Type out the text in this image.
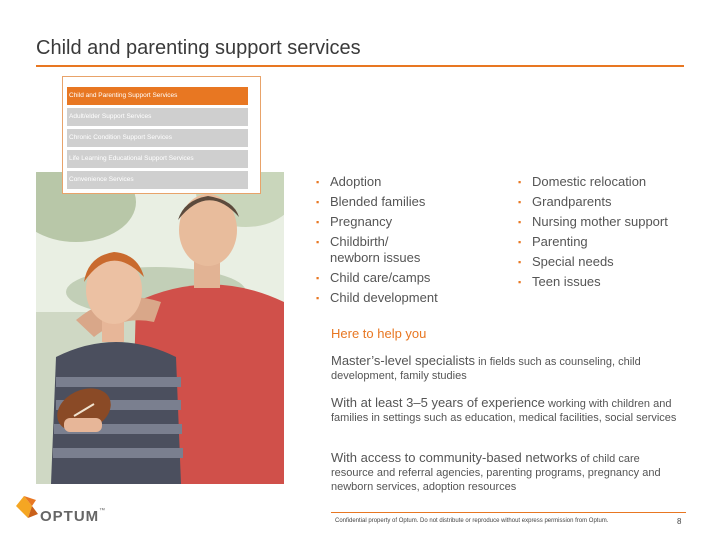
Child and parenting support services
Child and Parenting Support Services
Adult/elder Support Services
Chronic Condition Support Services
Life Learning Educational Support Services
Convenience Services	▪ Adoption
▪ Blended families
▪ Pregnancy
▪ Childbirth/
newborn issues
▪ Child care/camps
▪ Child development
▪ Domestic relocation
▪ Grandparents
▪ Nursing mother support
▪ Parenting
▪ Special needs
▪ Teen issues
Here to help you
Master’s-level specialists in fields such as counseling, child development, family studies
With at least 3–5 years of experience working with children and families in settings such as education, medical facilities, social services
With access to community-based networks of child care resource and referral agencies, parenting programs, pregnancy and newborn services, adoption resources
OPTUM™
Confidential property of Optum. Do not distribute or reproduce without express permission from Optum.	8
